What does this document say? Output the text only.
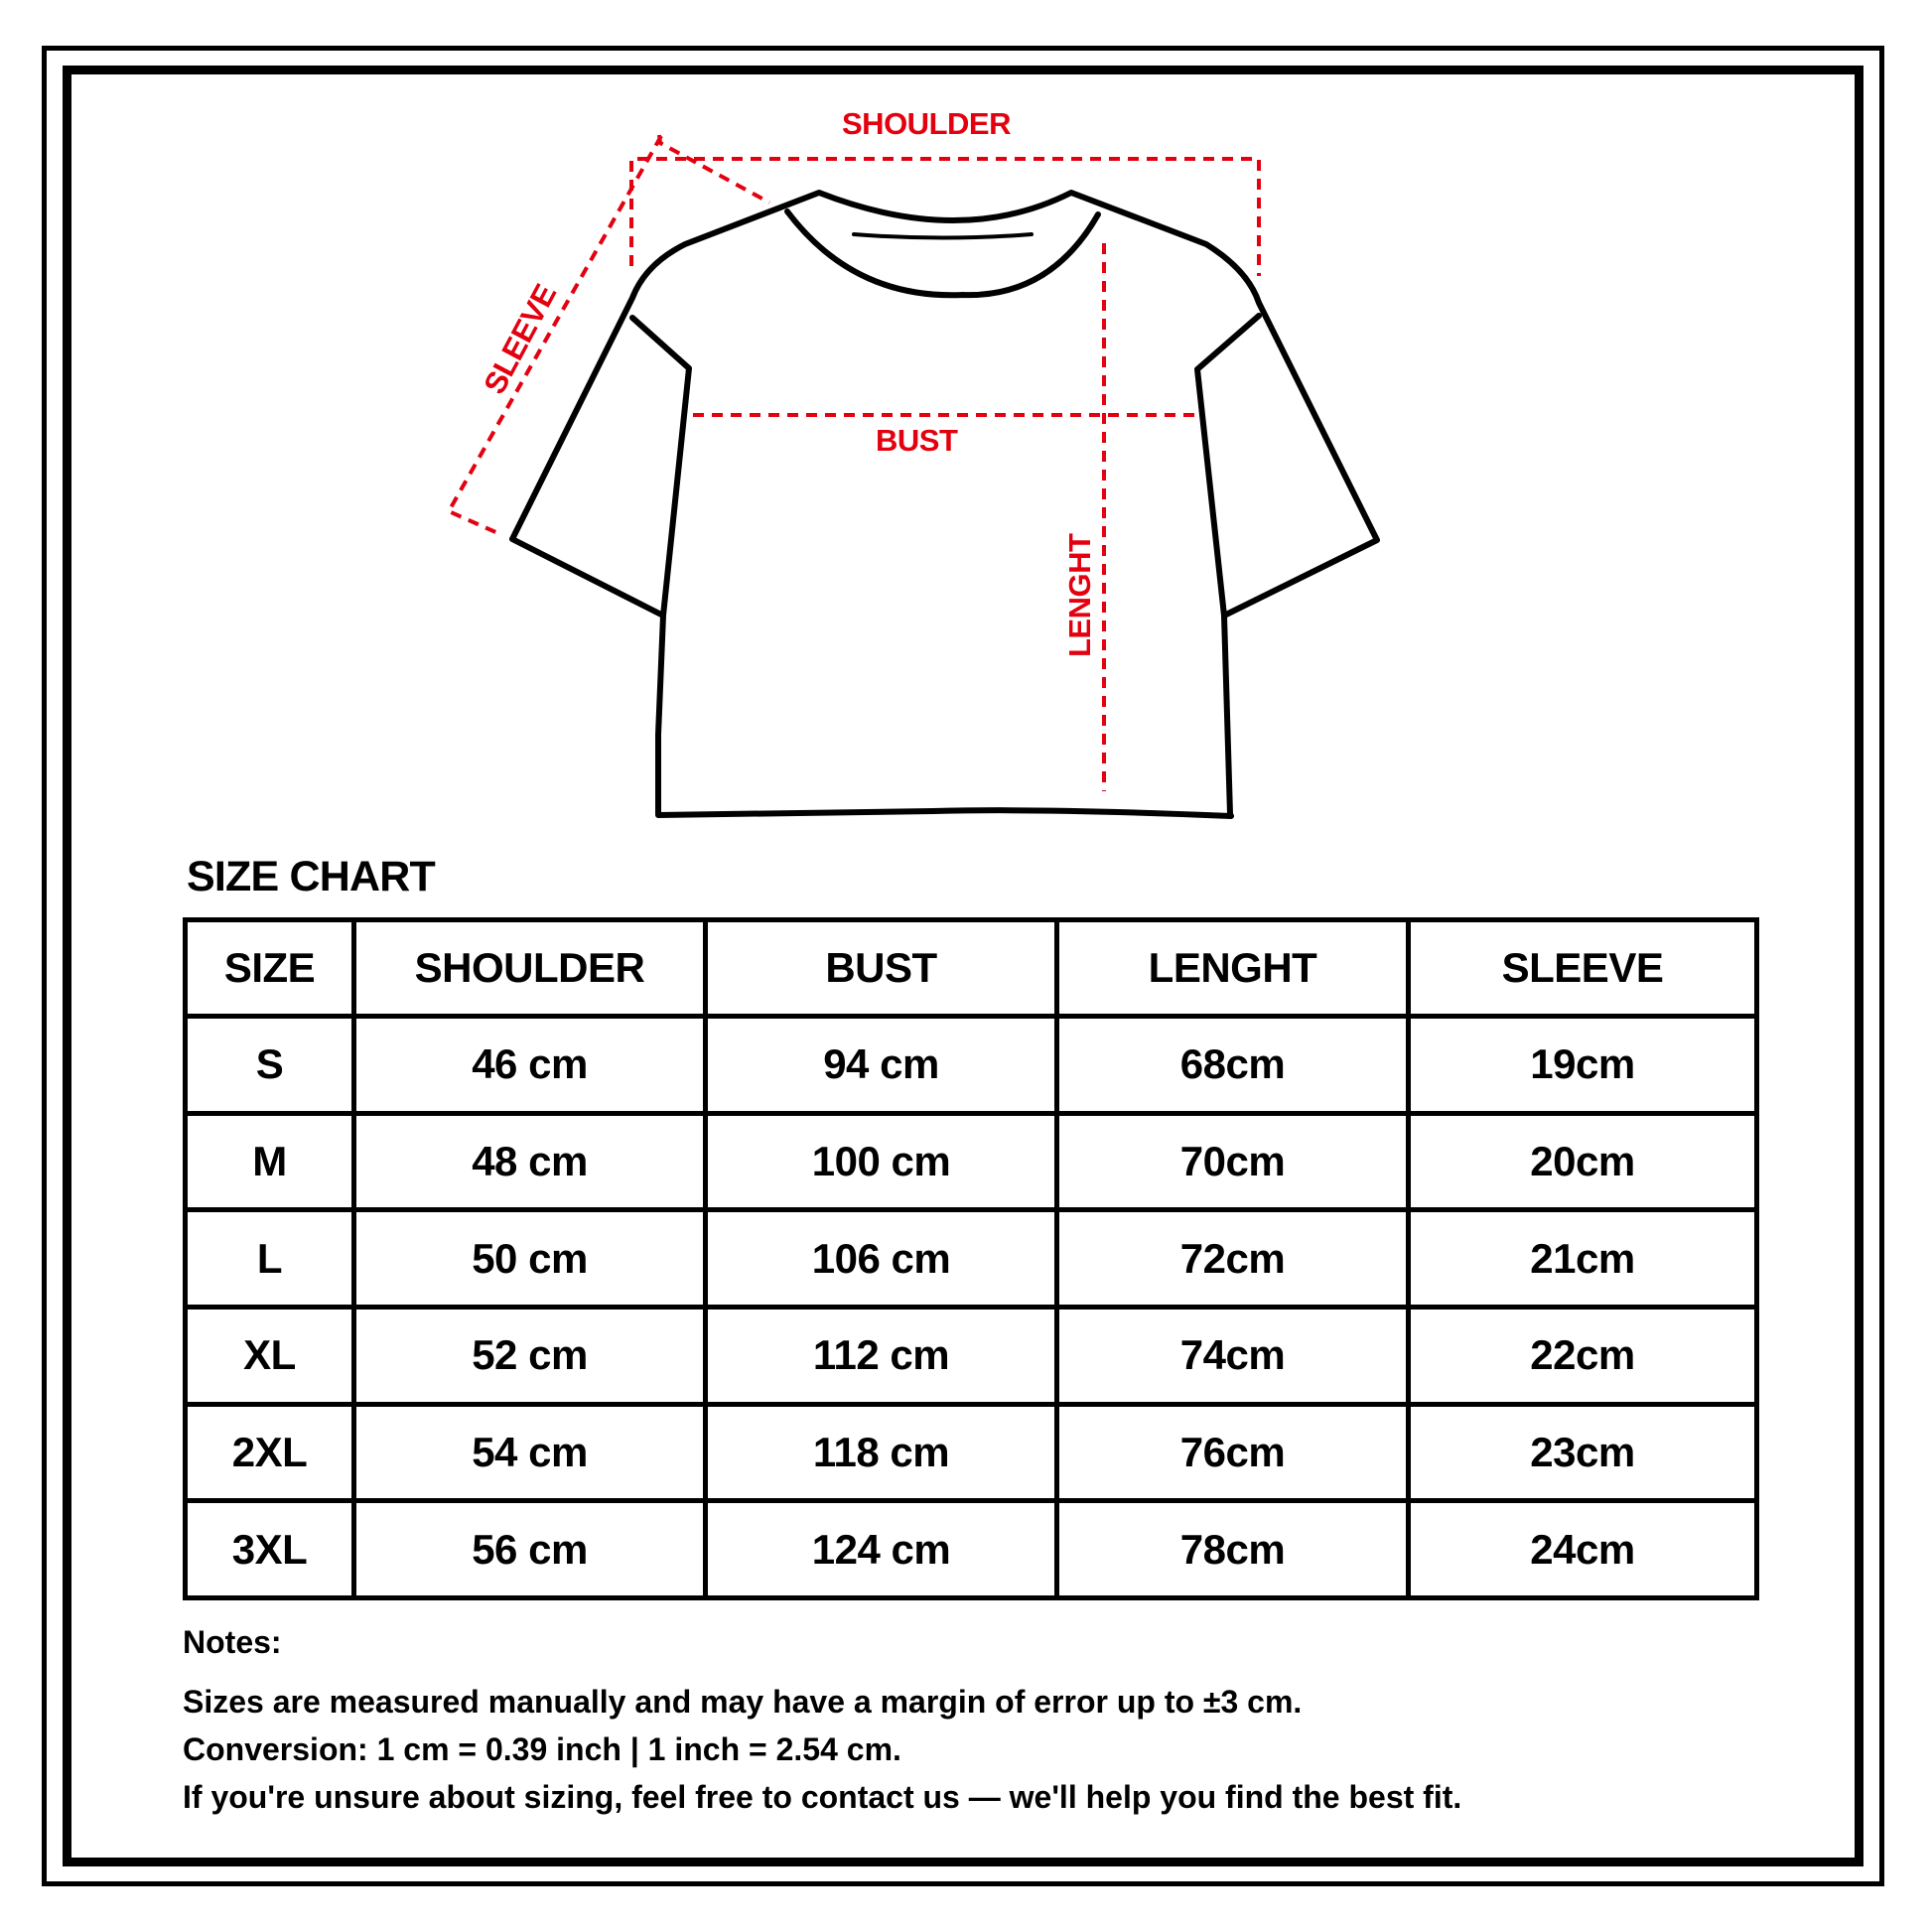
SHOULDER
BUST
SLEEVE
LENGHT
SIZE CHART
SIZE	SHOULDER	BUST	LENGHT	SLEEVE
S	46 cm	94 cm	68cm	19cm
M	48 cm	100 cm	70cm	20cm
L	50 cm	106 cm	72cm	21cm
XL	52 cm	112 cm	74cm	22cm
2XL	54 cm	118 cm	76cm	23cm
3XL	56 cm	124 cm	78cm	24cm
Notes:
Sizes are measured manually and may have a margin of error up to ±3 cm.
Conversion: 1 cm = 0.39 inch | 1 inch = 2.54 cm.
If you're unsure about sizing, feel free to contact us — we'll help you find the best fit.
